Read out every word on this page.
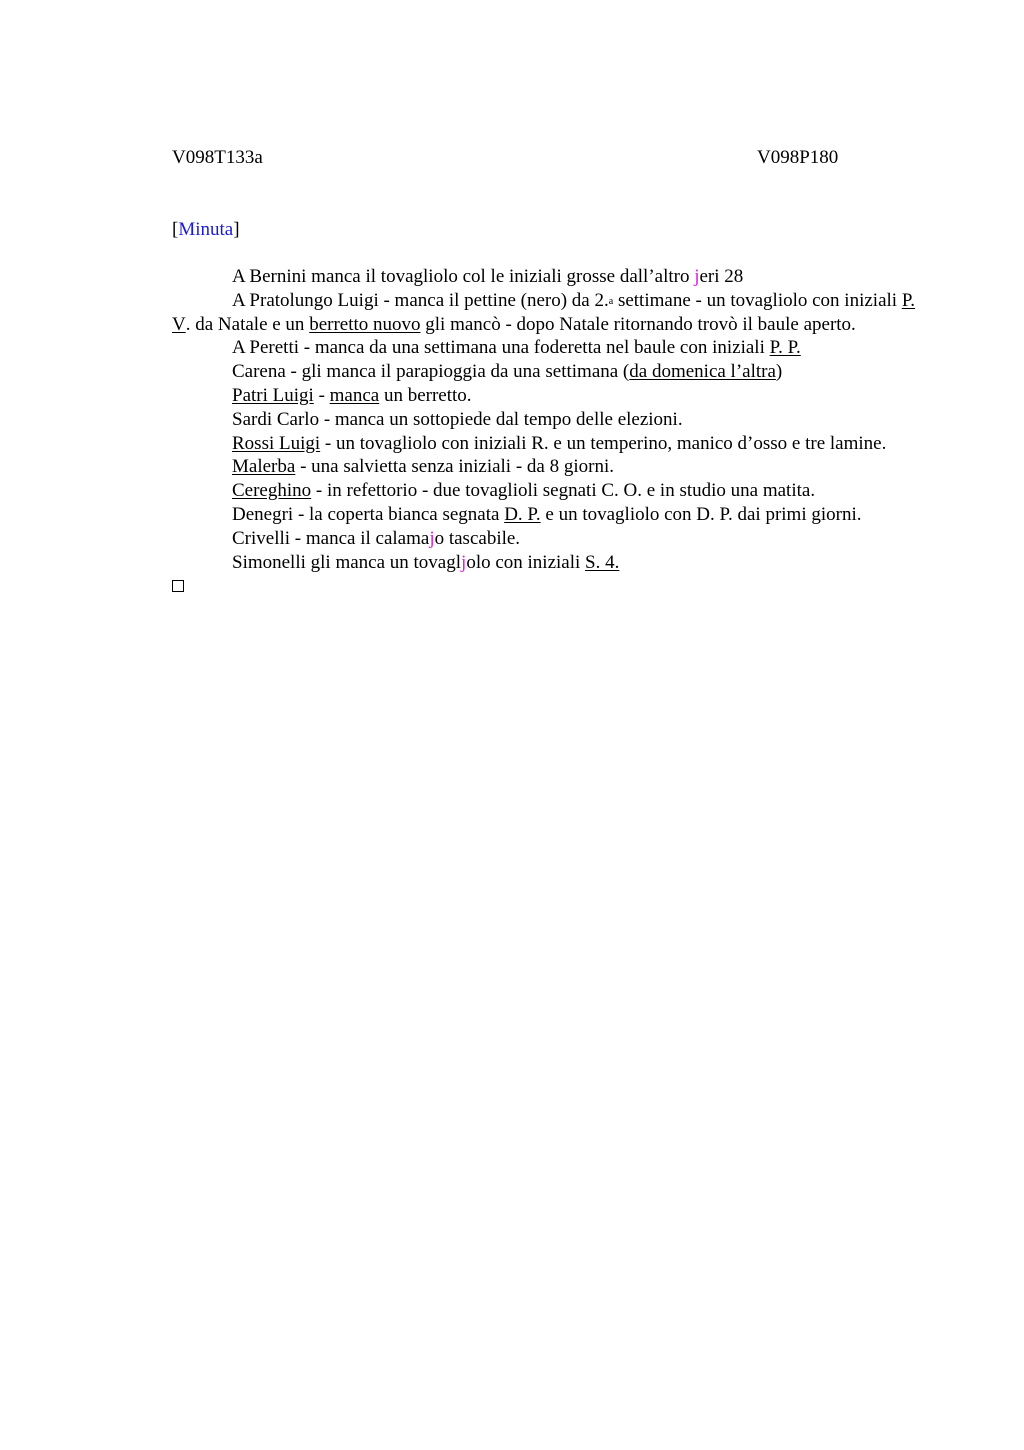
V098T133a	V098P180
[Minuta]

A Bernini manca il tovagliolo col le iniziali grosse dall’altro jeri 28

A Pratolungo Luigi - manca il pettine (nero) da 2.$^a$ settimane - un tovagliolo con iniziali P. V. da Natale e un berretto nuovo gli mancò - dopo Natale ritornando trovò il baule aperto.

A Peretti - manca da una settimana una foderetta nel baule con iniziali P. P.

Carena - gli manca il parapioggia da una settimana (da domenica l’altra)

Patri Luigi - manca un berretto.

Sardi Carlo - manca un sottopiede dal tempo delle elezioni.

Rossi Luigi - un tovagliolo con iniziali R. e un temperino, manico d’osso e tre lamine.

Malerba - una salvietta senza iniziali - da 8 giorni.

Cereghino - in refettorio - due tovaglioli segnati C. O. e in studio una matita.

Denegri - la coperta bianca segnata D. P. e un tovagliolo con D. P. dai primi giorni.

Crivelli - manca il calamajo tascabile.

Simonelli gli manca un tovagljolo con iniziali S. 4.
